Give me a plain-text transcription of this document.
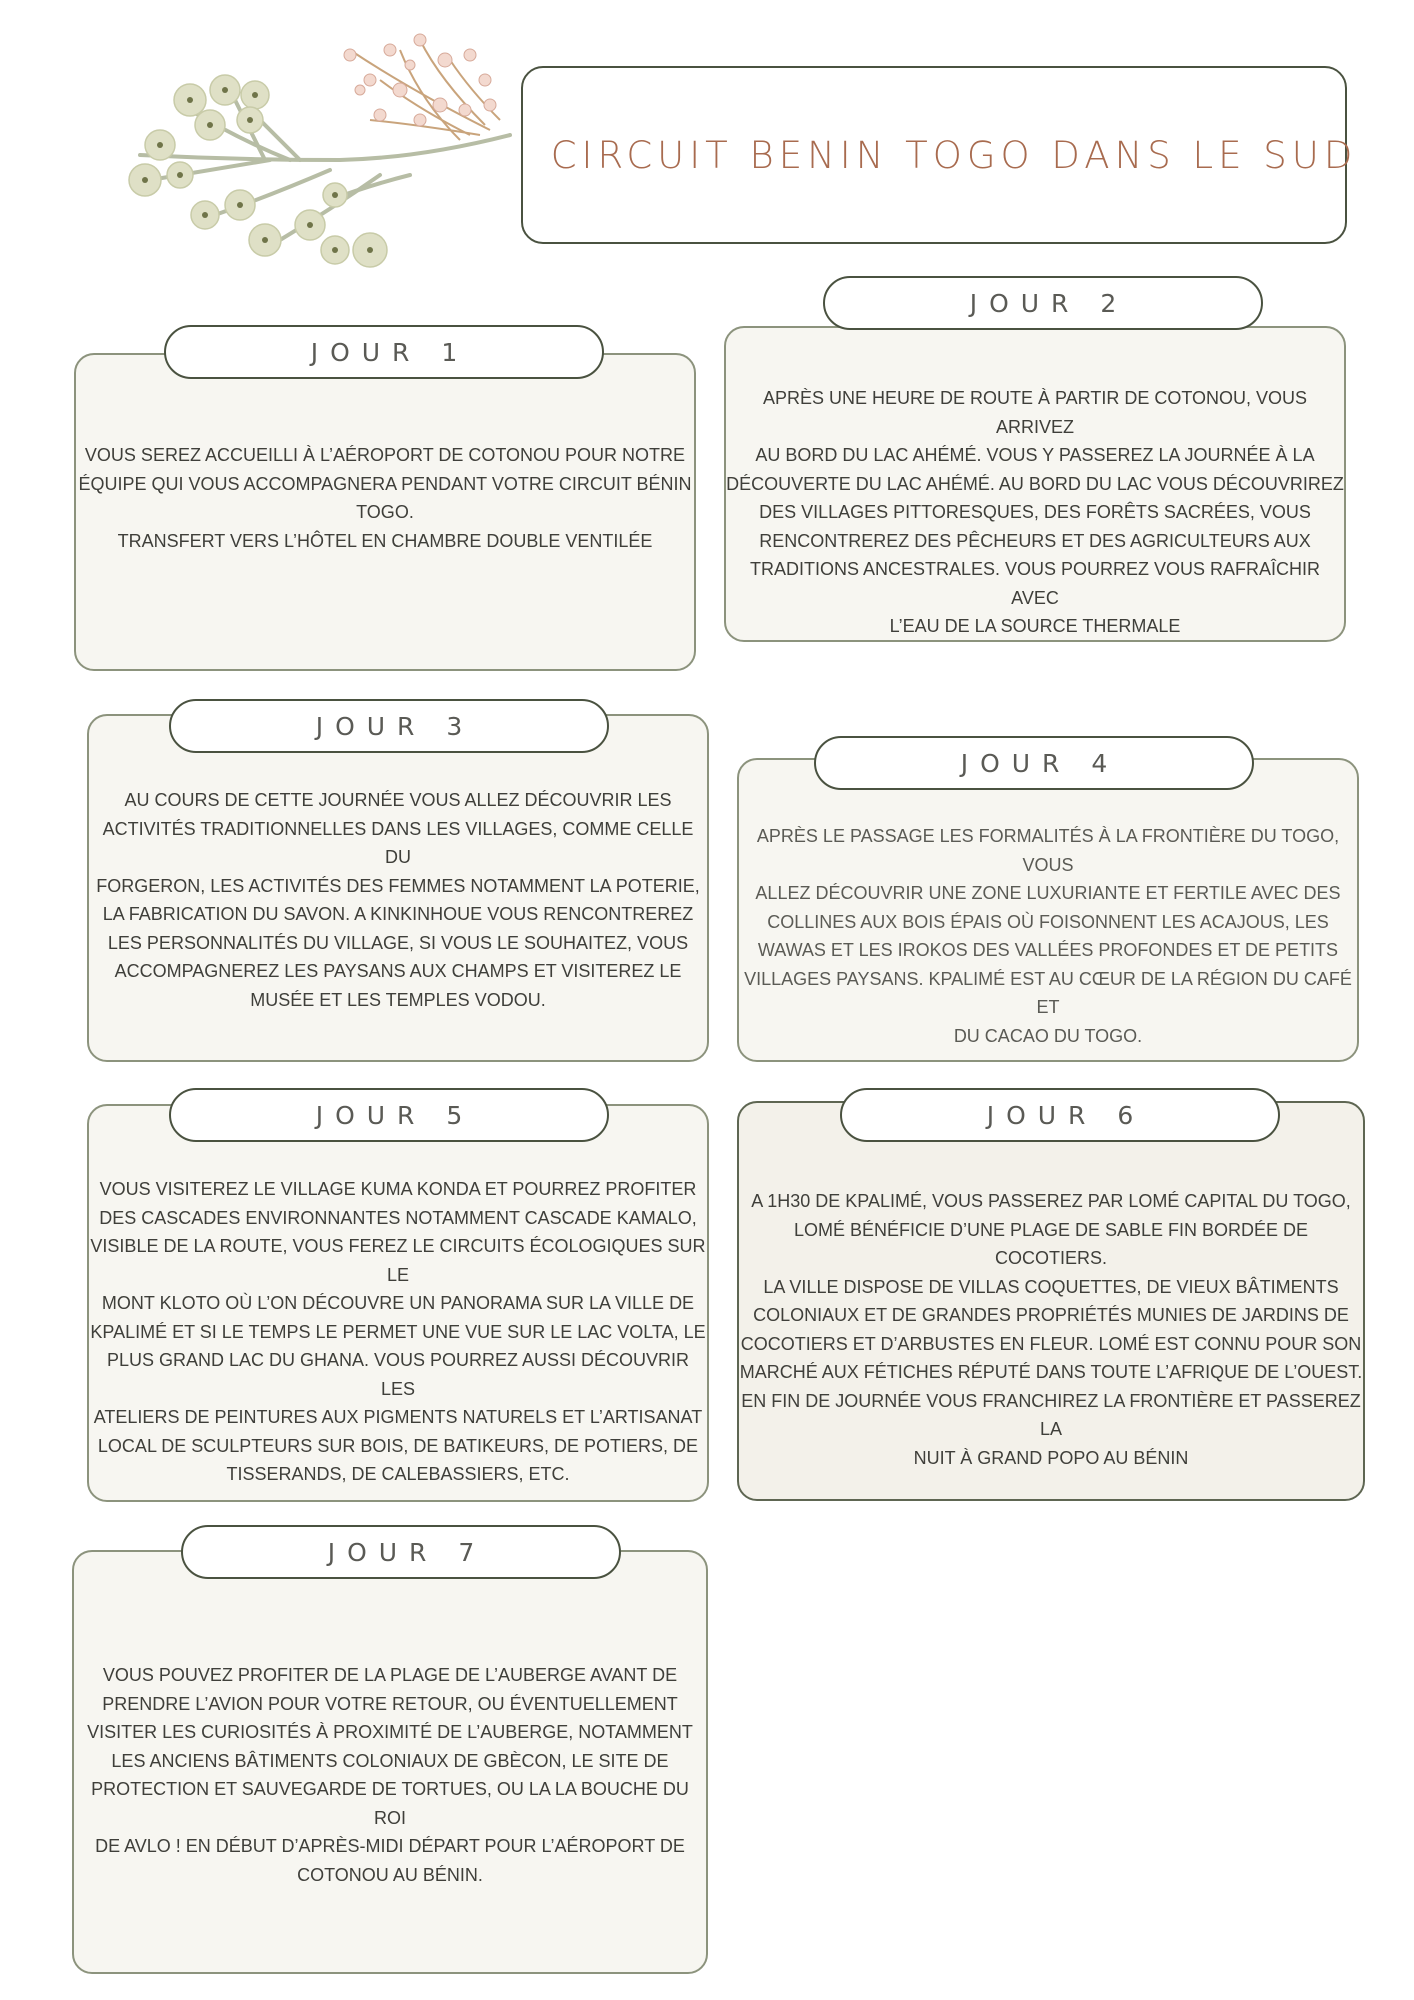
CIRCUIT BENIN TOGO DANS LE SUD

VOUS SEREZ ACCUEILLI À L’AÉROPORT DE COTONOU POUR NOTRE
ÉQUIPE QUI VOUS ACCOMPAGNERA PENDANT VOTRE CIRCUIT BÉNIN
TOGO.
TRANSFERT VERS L’HÔTEL EN CHAMBRE DOUBLE VENTILÉE

JOUR 1

APRÈS UNE HEURE DE ROUTE À PARTIR DE COTONOU, VOUS ARRIVEZ
AU BORD DU LAC AHÉMÉ. VOUS Y PASSEREZ LA JOURNÉE À LA
DÉCOUVERTE DU LAC AHÉMÉ. AU BORD DU LAC VOUS DÉCOUVRIREZ
DES VILLAGES PITTORESQUES, DES FORÊTS SACRÉES, VOUS
RENCONTREREZ DES PÊCHEURS ET DES AGRICULTEURS AUX
TRADITIONS ANCESTRALES. VOUS POURREZ VOUS RAFRAÎCHIR AVEC
L’EAU DE LA SOURCE THERMALE

JOUR 2

AU COURS DE CETTE JOURNÉE VOUS ALLEZ DÉCOUVRIR LES
ACTIVITÉS TRADITIONNELLES DANS LES VILLAGES, COMME CELLE DU
FORGERON, LES ACTIVITÉS DES FEMMES NOTAMMENT LA POTERIE,
LA FABRICATION DU SAVON. A KINKINHOUE VOUS RENCONTREREZ
LES PERSONNALITÉS DU VILLAGE, SI VOUS LE SOUHAITEZ, VOUS
ACCOMPAGNEREZ LES PAYSANS AUX CHAMPS ET VISITEREZ LE
MUSÉE ET LES TEMPLES VODOU.

JOUR 3

APRÈS LE PASSAGE LES FORMALITÉS À LA FRONTIÈRE DU TOGO, VOUS
ALLEZ DÉCOUVRIR UNE ZONE LUXURIANTE ET FERTILE AVEC DES
COLLINES AUX BOIS ÉPAIS OÙ FOISONNENT LES ACAJOUS, LES
WAWAS ET LES IROKOS DES VALLÉES PROFONDES ET DE PETITS
VILLAGES PAYSANS. KPALIMÉ EST AU CŒUR DE LA RÉGION DU CAFÉ ET
DU CACAO DU TOGO.

JOUR 4

VOUS VISITEREZ LE VILLAGE KUMA KONDA ET POURREZ PROFITER
DES CASCADES ENVIRONNANTES NOTAMMENT CASCADE KAMALO,
VISIBLE DE LA ROUTE, VOUS FEREZ LE CIRCUITS ÉCOLOGIQUES SUR LE
MONT KLOTO OÙ L’ON DÉCOUVRE UN PANORAMA SUR LA VILLE DE
KPALIMÉ ET SI LE TEMPS LE PERMET UNE VUE SUR LE LAC VOLTA, LE
PLUS GRAND LAC DU GHANA. VOUS POURREZ AUSSI DÉCOUVRIR LES
ATELIERS DE PEINTURES AUX PIGMENTS NATURELS ET L’ARTISANAT
LOCAL DE SCULPTEURS SUR BOIS, DE BATIKEURS, DE POTIERS, DE
TISSERANDS, DE CALEBASSIERS, ETC.

JOUR 5

A 1H30 DE KPALIMÉ, VOUS PASSEREZ PAR LOMÉ CAPITAL DU TOGO,
LOMÉ BÉNÉFICIE D’UNE PLAGE DE SABLE FIN BORDÉE DE COCOTIERS.
LA VILLE DISPOSE DE VILLAS COQUETTES, DE VIEUX BÂTIMENTS
COLONIAUX ET DE GRANDES PROPRIÉTÉS MUNIES DE JARDINS DE
COCOTIERS ET D’ARBUSTES EN FLEUR. LOMÉ EST CONNU POUR SON
MARCHÉ AUX FÉTICHES RÉPUTÉ DANS TOUTE L’AFRIQUE DE L’OUEST.
EN FIN DE JOURNÉE VOUS FRANCHIREZ LA FRONTIÈRE ET PASSEREZ LA
NUIT À GRAND POPO AU BÉNIN

JOUR 6

VOUS POUVEZ PROFITER DE LA PLAGE DE L’AUBERGE AVANT DE
PRENDRE L’AVION POUR VOTRE RETOUR, OU ÉVENTUELLEMENT
VISITER LES CURIOSITÉS À PROXIMITÉ DE L’AUBERGE, NOTAMMENT
LES ANCIENS BÂTIMENTS COLONIAUX DE GBÈCON, LE SITE DE
PROTECTION ET SAUVEGARDE DE TORTUES, OU LA LA BOUCHE DU ROI
DE AVLO ! EN DÉBUT D’APRÈS-MIDI DÉPART POUR L’AÉROPORT DE
COTONOU AU BÉNIN.

JOUR 7
